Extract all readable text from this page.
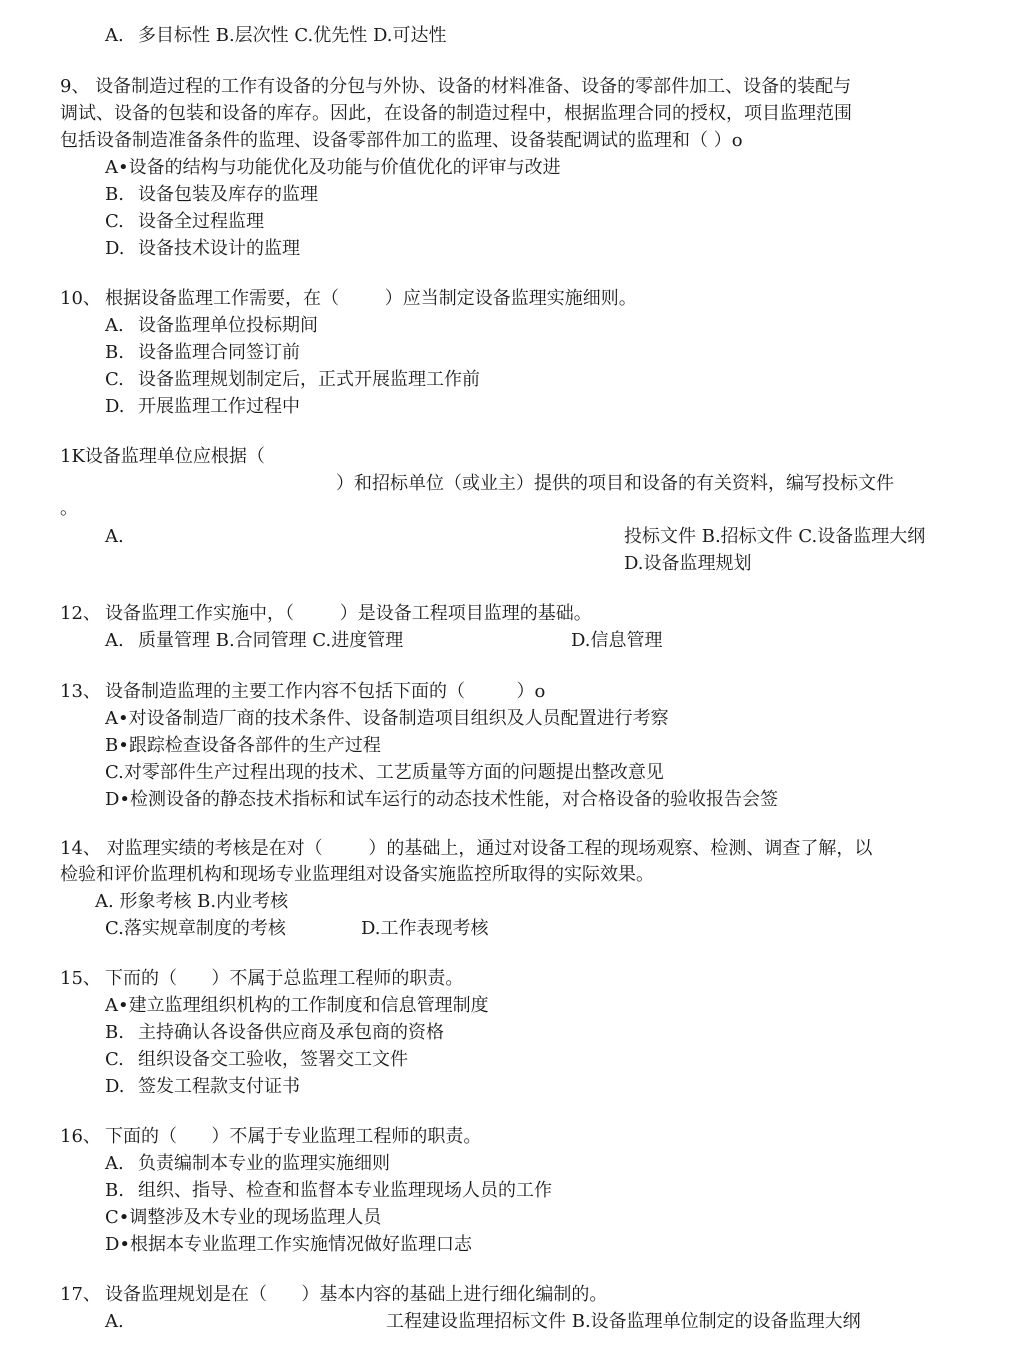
A. 多目标性 B.层次性 C.优先性 D.可达性
9、 设备制造过程的工作有设备的分包与外协、设备的材料准备、设备的零部件加工、设备的装配与
调试、设备的包装和设备的库存。因此，在设备的制造过程中，根据监理合同的授权，项目监理范围
包括设备制造准备条件的监理、设备零部件加工的监理、设备装配调试的监理和（ ）o
A•设备的结构与功能优化及功能与价值优化的评审与改进
B. 设备包装及库存的监理
C. 设备全过程监理
D. 设备技术设计的监理
10、 根据设备监理工作需要，在（        ）应当制定设备监理实施细则。
A. 设备监理单位投标期间
B. 设备监理合同签订前
C. 设备监理规划制定后，正式开展监理工作前
D. 开展监理工作过程中
1K设备监理单位应根据（
）和招标单位（或业主）提供的项目和设备的有关资料，编写投标文件
。
A.	投标文件 B.招标文件 C.设备监理大纲
D.设备监理规划
12、 设备监理工作实施中，（        ）是设备工程项目监理的基础。
A. 质量管理 B.合同管理 C.进度管理	D.信息管理
13、 设备制造监理的主要工作内容不包括下面的（         ）o
A•对设备制造厂商的技术条件、设备制造项目组织及人员配置进行考察
B•跟踪检查设备各部件的生产过程
C.对零部件生产过程出现的技术、工艺质量等方面的问题提出整改意见
D•检测设备的静态技术指标和试车运行的动态技术性能，对合格设备的验收报告会签
14、 对监理实绩的考核是在对（        ）的基础上，通过对设备工程的现场观察、检测、调查了解，以
检验和评价监理机构和现场专业监理组对设备实施监控所取得的实际效果。
A. 形象考核 B.内业考核
C.落实规章制度的考核	D.工作表现考核
15、 下而的（      ）不属于总监理工程师的职责。
A•建立监理组织机构的工作制度和信息管理制度
B. 主持确认各设备供应商及承包商的资格
C. 组织设备交工验收，签署交工文件
D. 签发工程款支付证书
16、 下面的（      ）不属于专业监理工程师的职责。
A. 负责编制本专业的监理实施细则
B. 组织、指导、检查和监督本专业监理现场人员的工作
C•调整涉及木专业的现场监理人员
D•根据本专业监理工作实施情况做好监理口志
17、 设备监理规划是在（      ）基本内容的基础上进行细化编制的。
A.	工程建设监理招标文件 B.设备监理单位制定的设备监理大纲
